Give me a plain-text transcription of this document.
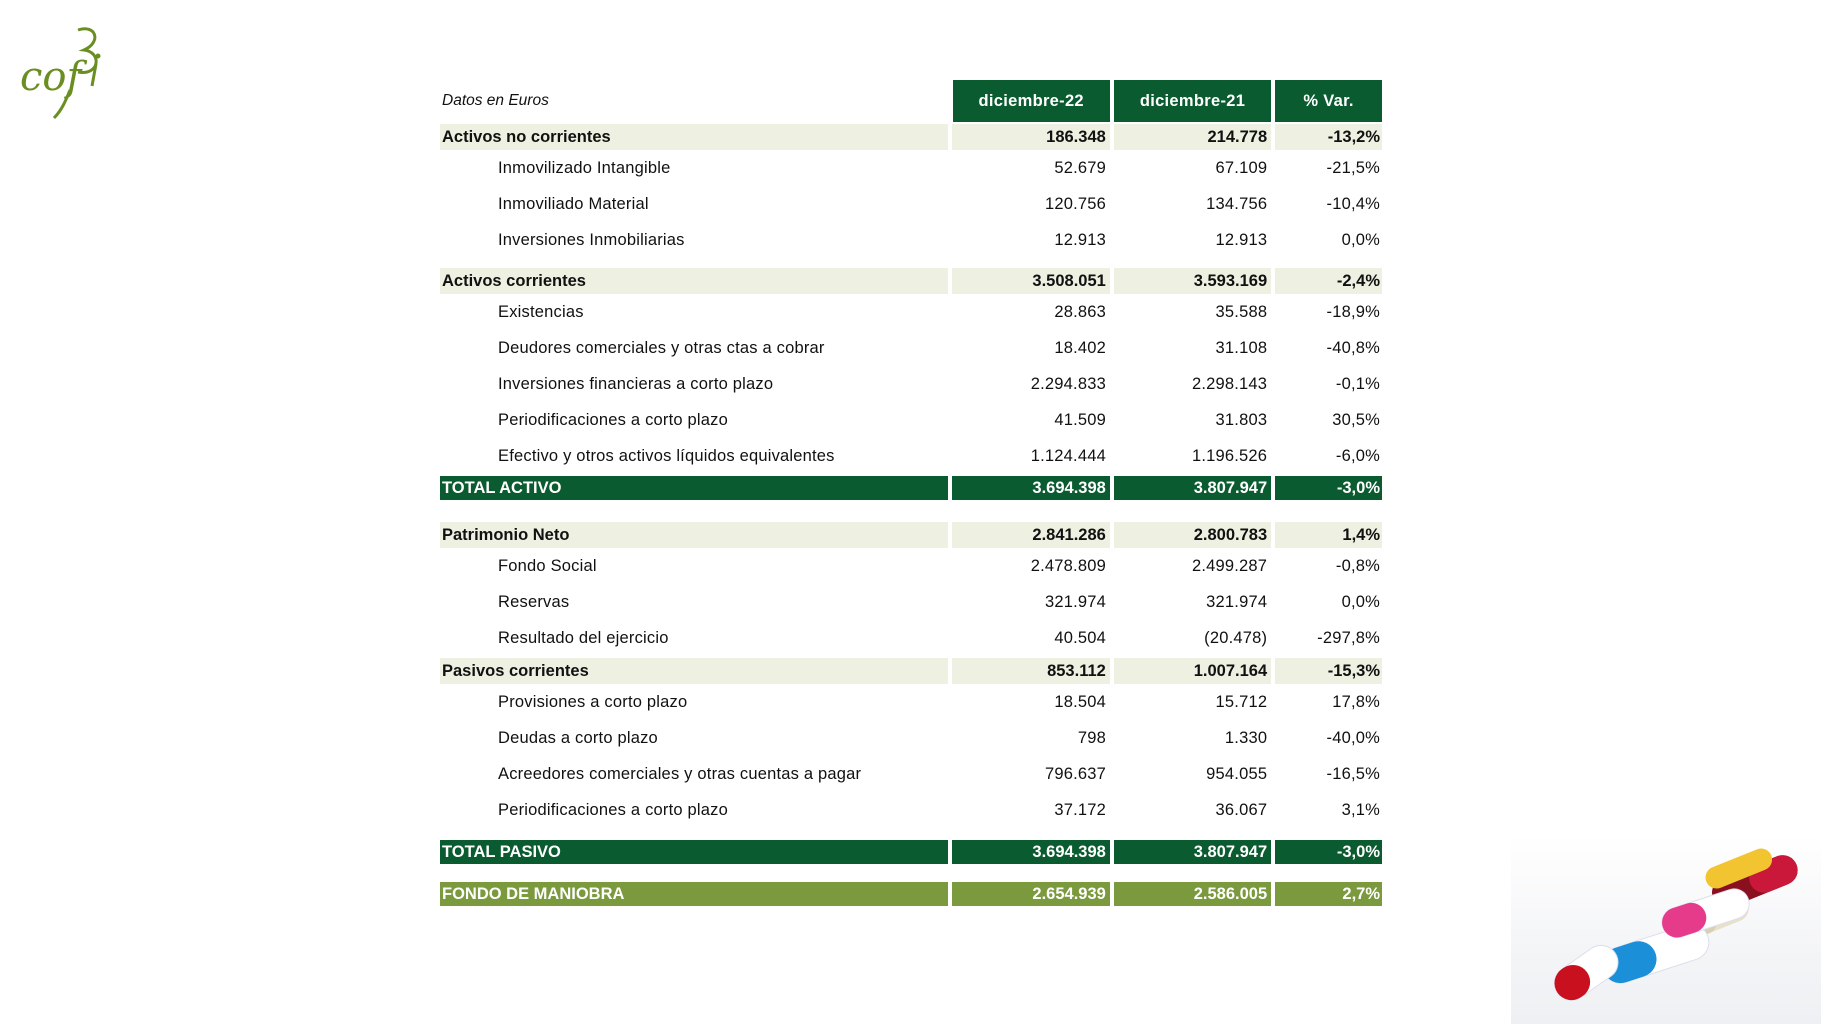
cof
Datos en Euros	diciembre-22	diciembre-21	% Var.
Activos no corrientes	186.348	214.778	-13,2%
Inmovilizado Intangible	52.679	67.109	-21,5%
Inmoviliado Material	120.756	134.756	-10,4%
Inversiones Inmobiliarias	12.913	12.913	0,0%
Activos corrientes	3.508.051	3.593.169	-2,4%
Existencias	28.863	35.588	-18,9%
Deudores comerciales y otras ctas a cobrar	18.402	31.108	-40,8%
Inversiones financieras a corto plazo	2.294.833	2.298.143	-0,1%
Periodificaciones a corto plazo	41.509	31.803	30,5%
Efectivo y otros activos líquidos equivalentes	1.124.444	1.196.526	-6,0%
TOTAL ACTIVO	3.694.398	3.807.947	-3,0%
Patrimonio Neto	2.841.286	2.800.783	1,4%
Fondo Social	2.478.809	2.499.287	-0,8%
Reservas	321.974	321.974	0,0%
Resultado del ejercicio	40.504	(20.478)	-297,8%
Pasivos corrientes	853.112	1.007.164	-15,3%
Provisiones a corto plazo	18.504	15.712	17,8%
Deudas a corto plazo	798	1.330	-40,0%
Acreedores comerciales y otras cuentas a pagar	796.637	954.055	-16,5%
Periodificaciones a corto plazo	37.172	36.067	3,1%
TOTAL PASIVO	3.694.398	3.807.947	-3,0%
FONDO DE MANIOBRA	2.654.939	2.586.005	2,7%
